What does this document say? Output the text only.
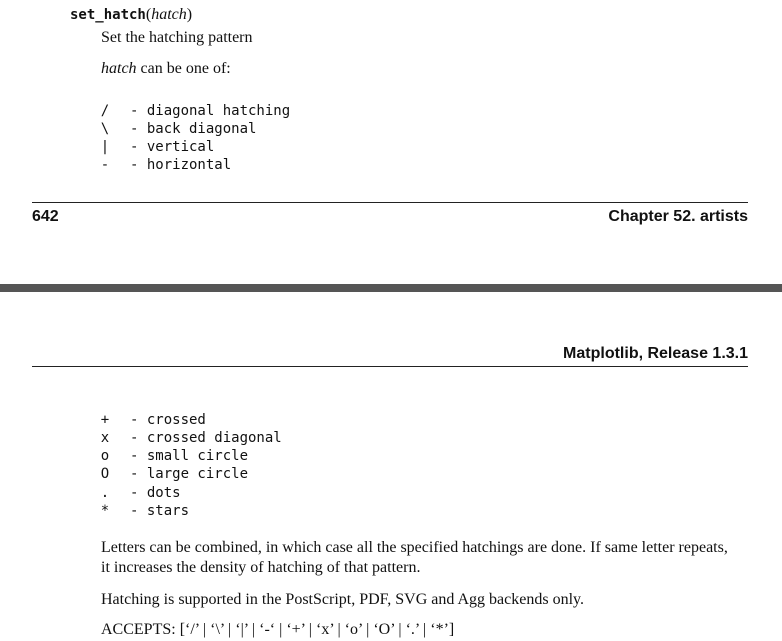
set_hatch(hatch)
Set the hatching pattern
hatch can be one of:
/ - diagonal hatching
\ - back diagonal
| - vertical
- - horizontal
642	Chapter 52. artists
Matplotlib, Release 1.3.1
+ - crossed
x - crossed diagonal
o - small circle
O - large circle
. - dots
* - stars
Letters can be combined, in which case all the specified hatchings are done. If same letter repeats,
it increases the density of hatching of that pattern.
Hatching is supported in the PostScript, PDF, SVG and Agg backends only.
ACCEPTS: [‘/’ | ‘\’ | ‘|’ | ‘-‘ | ‘+’ | ‘x’ | ‘o’ | ‘O’ | ‘.’ | ‘*’]
